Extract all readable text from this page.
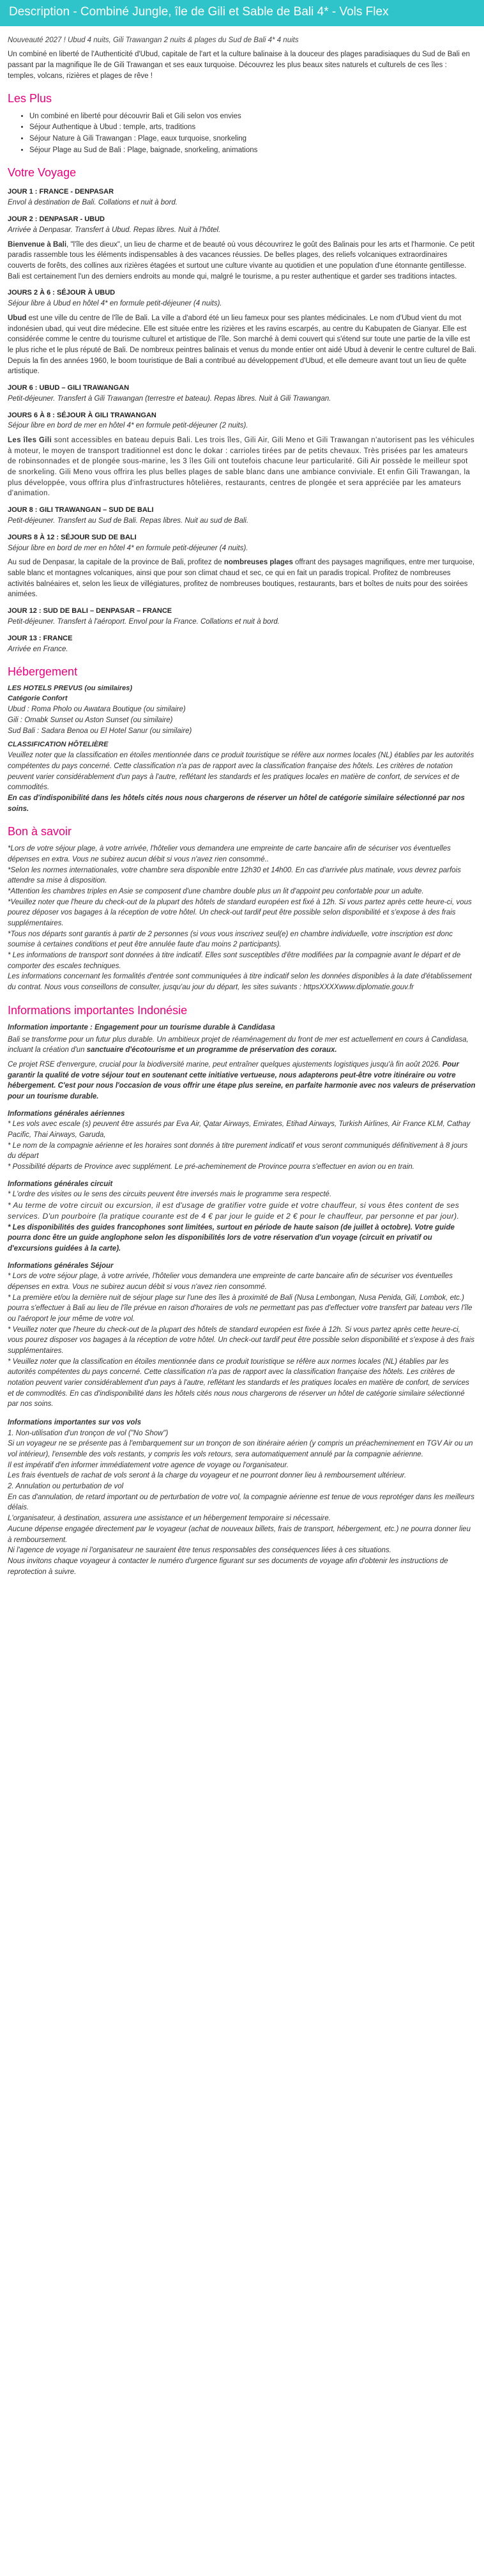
Description - Combiné Jungle, île de Gili et Sable de Bali 4* - Vols Flex

Nouveauté 2027 ! Ubud 4 nuits, Gili Trawangan 2 nuits & plages du Sud de Bali 4* 4 nuits

Un combiné en liberté de l'Authenticité d'Ubud, capitale de l'art et la culture balinaise à la douceur des plages paradisiaques du Sud de Bali en passant par la magnifique île de Gili Trawangan et ses eaux turquoise. Découvrez les plus beaux sites naturels et culturels de ces îles : temples, volcans, rizières et plages de rêve !

Les Plus
• Un combiné en liberté pour découvrir Bali et Gili selon vos envies
• Séjour Authentique à Ubud : temple, arts, traditions
• Séjour Nature à Gili Trawangan : Plage, eaux turquoise, snorkeling
• Séjour Plage au Sud de Bali : Plage, baignade, snorkeling, animations
Votre Voyage
JOUR 1 : FRANCE - DENPASAR
Envol à destination de Bali. Collations et nuit à bord.
JOUR 2 : DENPASAR - UBUD
Arrivée à Denpasar. Transfert à Ubud. Repas libres. Nuit à l'hôtel.

Bienvenue à Bali, "l'île des dieux", un lieu de charme et de beauté où vous découvrirez le goût des Balinais pour les arts et l'harmonie. Ce petit paradis rassemble tous les éléments indispensables à des vacances réussies. De belles plages, des reliefs volcaniques extraordinaires couverts de forêts, des collines aux rizières étagées et surtout une culture vivante au quotidien et une population d'une étonnante gentillesse. Bali est certainement l'un des derniers endroits au monde qui, malgré le tourisme, a pu rester authentique et garder ses traditions intactes.

JOURS 2 À 6 : SÉJOUR À UBUD
Séjour libre à Ubud en hôtel 4* en formule petit-déjeuner (4 nuits).

Ubud est une ville du centre de l'île de Bali. La ville a d'abord été un lieu fameux pour ses plantes médicinales. Le nom d'Ubud vient du mot indonésien ubad, qui veut dire médecine. Elle est située entre les rizières et les ravins escarpés, au centre du Kabupaten de Gianyar. Elle est considérée comme le centre du tourisme culturel et artistique de l'île. Son marché à demi couvert qui s'étend sur toute une partie de la ville est le plus riche et le plus réputé de Bali. De nombreux peintres balinais et venus du monde entier ont aidé Ubud à devenir le centre culturel de Bali. Depuis la fin des années 1960, le boom touristique de Bali a contribué au développement d'Ubud, et elle demeure avant tout un lieu de quête artistique.

JOUR 6 : UBUD – GILI TRAWANGAN
Petit-déjeuner. Transfert à Gili Trawangan (terrestre et bateau). Repas libres. Nuit à Gili Trawangan.
JOURS 6 À 8 : SÉJOUR À GILI TRAWANGAN
Séjour libre en bord de mer en hôtel 4* en formule petit-déjeuner (2 nuits).

Les îles Gili sont accessibles en bateau depuis Bali. Les trois îles, Gili Air, Gili Meno et Gili Trawangan n'autorisent pas les véhicules à moteur, le moyen de transport traditionnel est donc le dokar : carrioles tirées par de petits chevaux. Très prisées par les amateurs de robinsonnades et de plongée sous-marine, les 3 îles Gili ont toutefois chacune leur particularité. Gili Air possède le meilleur spot de snorkeling. Gili Meno vous offrira les plus belles plages de sable blanc dans une ambiance conviviale. Et enfin Gili Trawangan, la plus développée, vous offrira plus d'infrastructures hôtelières, restaurants, centres de plongée et sera appréciée par les amateurs d'animation.

JOUR 8 : GILI TRAWANGAN – SUD DE BALI
Petit-déjeuner. Transfert au Sud de Bali. Repas libres. Nuit au sud de Bali.
JOURS 8 À 12 : SÉJOUR SUD DE BALI
Séjour libre en bord de mer en hôtel 4* en formule petit-déjeuner (4 nuits).

Au sud de Denpasar, la capitale de la province de Bali, profitez de nombreuses plages offrant des paysages magnifiques, entre mer turquoise, sable blanc et montagnes volcaniques, ainsi que pour son climat chaud et sec, ce qui en fait un paradis tropical. Profitez de nombreuses activités balnéaires et, selon les lieux de villégiatures, profitez de nombreuses boutiques, restaurants, bars et boîtes de nuits pour des soirées animées.

JOUR 12 : SUD DE BALI – DENPASAR – FRANCE
Petit-déjeuner. Transfert à l'aéroport. Envol pour la France. Collations et nuit à bord.
JOUR 13 : FRANCE
Arrivée en France.
Hébergement
LES HOTELS PREVUS (ou similaires)
Catégorie Confort
Ubud : Roma Pholo ou Awatara Boutique (ou similaire)
Gili : Omabk Sunset ou Aston Sunset (ou similaire)
Sud Bali : Sadara Benoa ou El Hotel Sanur (ou similaire)
CLASSIFICATION HÔTELIÈRE
Veuillez noter que la classification en étoiles mentionnée dans ce produit touristique se réfère aux normes locales (NL) établies par les autorités compétentes du pays concerné. Cette classification n'a pas de rapport avec la classification française des hôtels. Les critères de notation peuvent varier considérablement d'un pays à l'autre, reflétant les standards et les pratiques locales en matière de confort, de services et de commodités.
En cas d'indisponibilité dans les hôtels cités nous nous chargerons de réserver un hôtel de catégorie similaire sélectionné par nos soins.
Bon à savoir
*Lors de votre séjour plage, à votre arrivée, l'hôtelier vous demandera une empreinte de carte bancaire afin de sécuriser vos éventuelles dépenses en extra. Vous ne subirez aucun débit si vous n'avez rien consommé..
*Selon les normes internationales, votre chambre sera disponible entre 12h30 et 14h00. En cas d'arrivée plus matinale, vous devrez parfois attendre sa mise à disposition.
*Attention les chambres triples en Asie se composent d'une chambre double plus un lit d'appoint peu confortable pour un adulte.
*Veuillez noter que l'heure du check-out de la plupart des hôtels de standard européen est fixé à 12h. Si vous partez après cette heure-ci, vous pourez déposer vos bagages à la réception de votre hôtel. Un check-out tardif peut être possible selon disponibilité et s'expose à des frais supplémentaires.
*Tous nos départs sont garantis à partir de 2 personnes (si vous vous inscrivez seul(e) en chambre individuelle, votre inscription est donc soumise à certaines conditions et peut être annulée faute d'au moins 2 participants).
* Les informations de transport sont données à titre indicatif. Elles sont susceptibles d'être modifiées par la compagnie avant le départ et de comporter des escales techniques.
Les informations concernant les formalités d'entrée sont communiquées à titre indicatif selon les données disponibles à la date d'établissement du contrat. Nous vous conseillons de consulter, jusqu'au jour du départ, les sites suivants : httpsXXXXwww.diplomatie.gouv.fr
Informations importantes Indonésie
Information importante : Engagement pour un tourisme durable à Candidasa

Bali se transforme pour un futur plus durable. Un ambitieux projet de réaménagement du front de mer est actuellement en cours à Candidasa, incluant la création d'un sanctuaire d'écotourisme et un programme de préservation des coraux.

Ce projet RSE d'envergure, crucial pour la biodiversité marine, peut entraîner quelques ajustements logistiques jusqu'à fin août 2026. Pour garantir la qualité de votre séjour tout en soutenant cette initiative vertueuse, nous adapterons peut-être votre itinéraire ou votre hébergement. C'est pour nous l'occasion de vous offrir une étape plus sereine, en parfaite harmonie avec nos valeurs de préservation pour un tourisme durable.

Informations générales aériennes
* Les vols avec escale (s) peuvent être assurés par Eva Air, Qatar Airways, Emirates, Etihad Airways, Turkish Airlines, Air France KLM, Cathay Pacific, Thai Airways, Garuda,
* Le nom de la compagnie aérienne et les horaires sont donnés à titre purement indicatif et vous seront communiqués définitivement à 8 jours du départ
* Possibilité départs de Province avec supplément. Le pré-acheminement de Province pourra s'effectuer en avion ou en train.
Informations générales circuit
* L'ordre des visites ou le sens des circuits peuvent être inversés mais le programme sera respecté.
* Au terme de votre circuit ou excursion, il est d'usage de gratifier votre guide et votre chauffeur, si vous êtes content de ses services. D'un pourboire (la pratique courante est de 4 € par jour le guide et 2 € pour le chauffeur, par personne et par jour).
* Les disponibilités des guides francophones sont limitées, surtout en période de haute saison (de juillet à octobre). Votre guide pourra donc être un guide anglophone selon les disponibilités lors de votre réservation d'un voyage (circuit en privatif ou d'excursions guidées à la carte).
Informations générales Séjour
* Lors de votre séjour plage, à votre arrivée, l'hôtelier vous demandera une empreinte de carte bancaire afin de sécuriser vos éventuelles dépenses en extra. Vous ne subirez aucun débit si vous n'avez rien consommé.
* La première et/ou la dernière nuit de séjour plage sur l'une des îles à proximité de Bali (Nusa Lembongan, Nusa Penida, Gili, Lombok, etc.) pourra s'effectuer à Bali au lieu de l'île prévue en raison d'horaires de vols ne permettant pas pas d'effectuer votre transfert par bateau vers l'île ou l'aéroport le jour même de votre vol.
* Veuillez noter que l'heure du check-out de la plupart des hôtels de standard européen est fixée à 12h. Si vous partez après cette heure-ci, vous pourez disposer vos bagages à la réception de votre hôtel. Un check-out tardif peut être possible selon disponibilité et s'expose à des frais supplémentaires.
* Veuillez noter que la classification en étoiles mentionnée dans ce produit touristique se réfère aux normes locales (NL) établies par les autorités compétentes du pays concerné. Cette classification n'a pas de rapport avec la classification française des hôtels. Les critères de notation peuvent varier considérablement d'un pays à l'autre, reflétant les standards et les pratiques locales en matière de confort, de services et de commodités. En cas d'indisponibilité dans les hôtels cités nous nous chargerons de réserver un hôtel de catégorie similaire sélectionné par nos soins.
Informations importantes sur vos vols
1. Non-utilisation d'un tronçon de vol ("No Show")
Si un voyageur ne se présente pas à l'embarquement sur un tronçon de son itinéraire aérien (y compris un préacheminement en TGV Air ou un vol intérieur), l'ensemble des vols restants, y compris les vols retours, sera automatiquement annulé par la compagnie aérienne.
Il est impératif d'en informer immédiatement votre agence de voyage ou l'organisateur.
Les frais éventuels de rachat de vols seront à la charge du voyageur et ne pourront donner lieu à remboursement ultérieur.
2. Annulation ou perturbation de vol
En cas d'annulation, de retard important ou de perturbation de votre vol, la compagnie aérienne est tenue de vous reprotéger dans les meilleurs délais.
L'organisateur, à destination, assurera une assistance et un hébergement temporaire si nécessaire.
Aucune dépense engagée directement par le voyageur (achat de nouveaux billets, frais de transport, hébergement, etc.) ne pourra donner lieu à remboursement.
Ni l'agence de voyage ni l'organisateur ne sauraient être tenus responsables des conséquences liées à ces situations.
Nous invitons chaque voyageur à contacter le numéro d'urgence figurant sur ses documents de voyage afin d'obtenir les instructions de reprotection à suivre.
